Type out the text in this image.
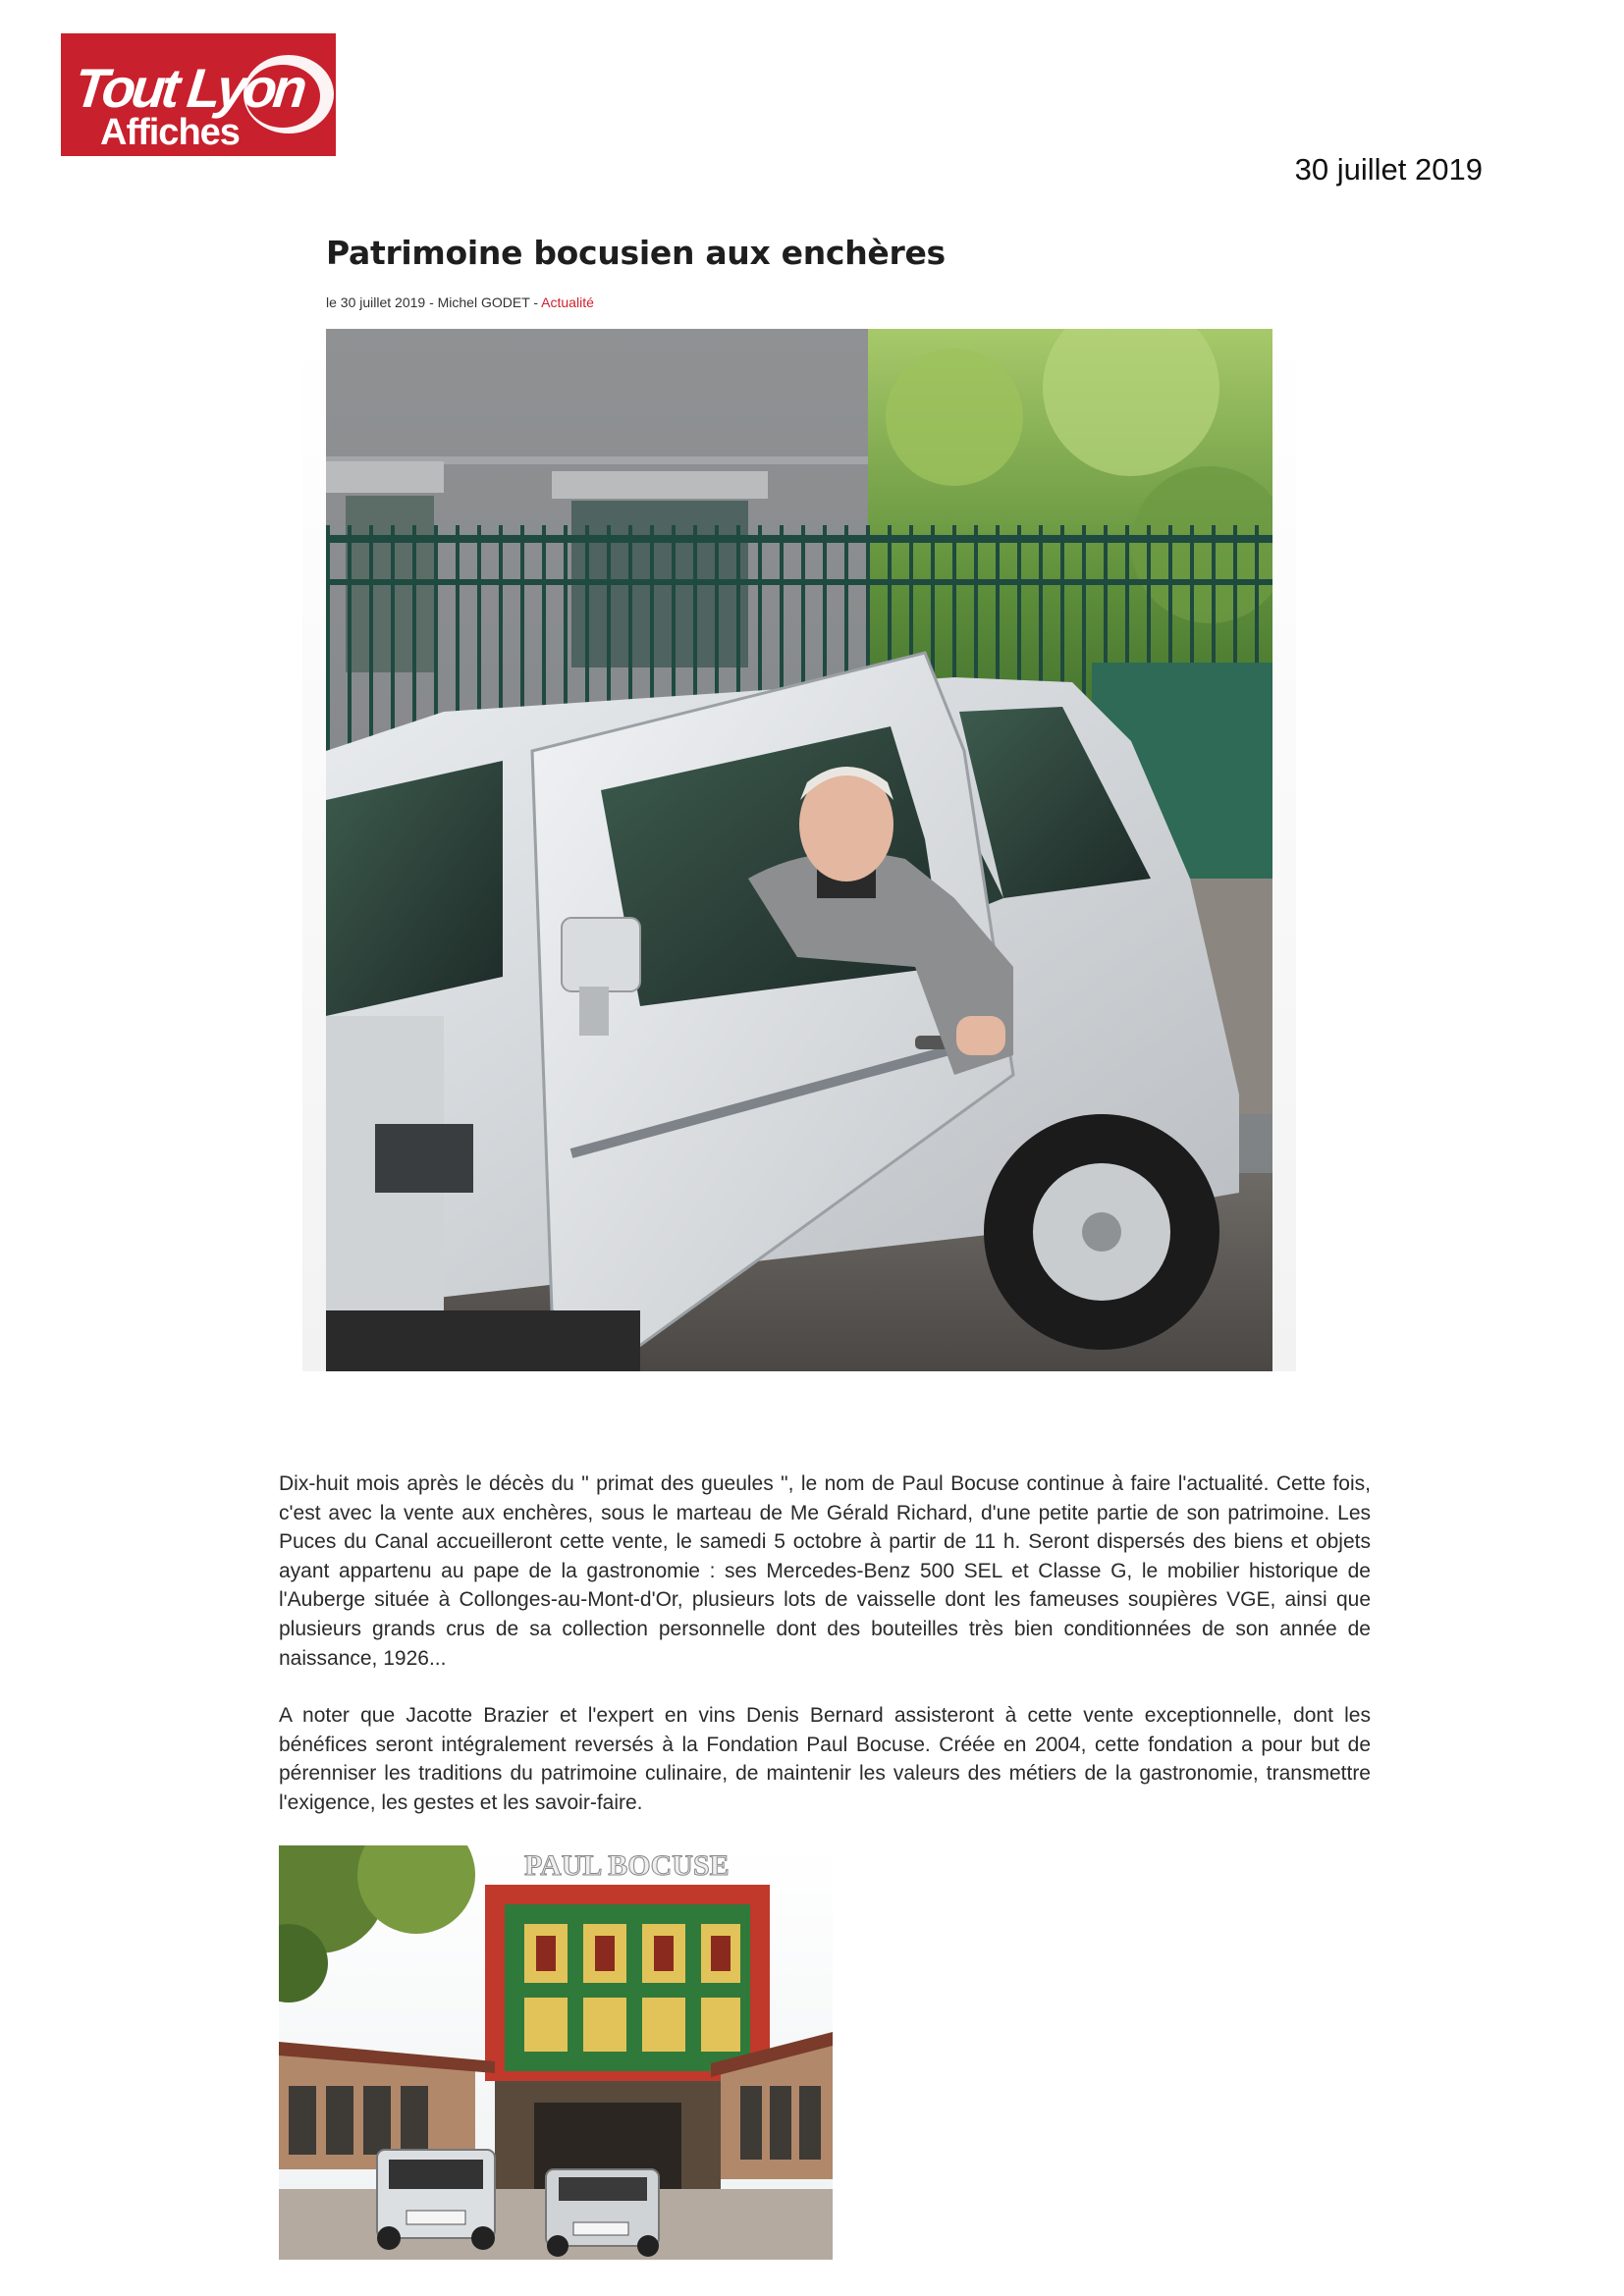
Tout Lyon
Affiches
30 juillet 2019
Patrimoine bocusien aux enchères
le 30 juillet 2019 - Michel GODET - Actualité

Dix-huit mois après le décès du " primat des gueules ", le nom de Paul Bocuse continue à faire l'actualité. Cette fois, c'est avec la vente aux enchères, sous le marteau de Me Gérald Richard, d'une petite partie de son patrimoine. Les Puces du Canal accueilleront cette vente, le samedi 5 octobre à partir de 11 h. Seront dispersés des biens et objets ayant appartenu au pape de la gastronomie : ses Mercedes-Benz 500 SEL et Classe G, le mobilier historique de l'Auberge située à Collonges-au-Mont-d'Or, plusieurs lots de vaisselle dont les fameuses soupières VGE, ainsi que plusieurs grands crus de sa collection personnelle dont des bouteilles très bien conditionnées de son année de naissance, 1926...

A noter que Jacotte Brazier et l'expert en vins Denis Bernard assisteront à cette vente exceptionnelle, dont les bénéfices seront intégralement reversés à la Fondation Paul Bocuse. Créée en 2004, cette fondation a pour but de pérenniser les traditions du patrimoine culinaire, de maintenir les valeurs des métiers de la gastronomie, transmettre l'exigence, les gestes et les savoir-faire.

PAUL BOCUSE
